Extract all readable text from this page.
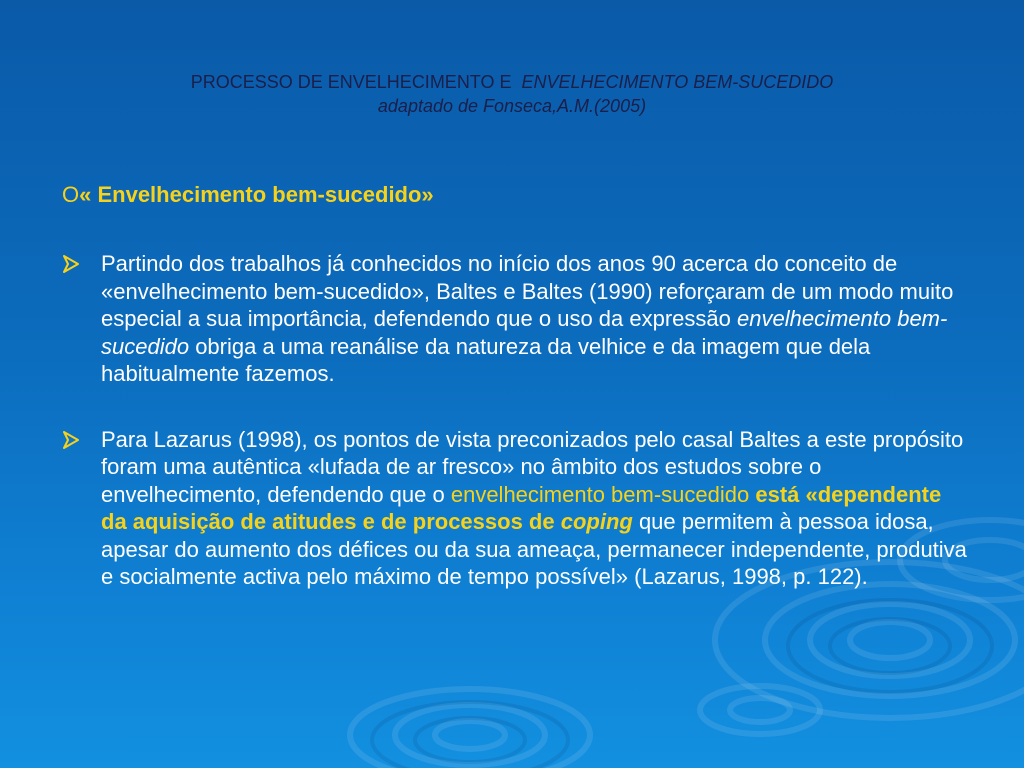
PROCESSO DE ENVELHECIMENTO E ENVELHECIMENTO BEM-SUCEDIDO
adaptado de Fonseca,A.M.(2005)
O« Envelhecimento bem-sucedido»
Partindo dos trabalhos já conhecidos no início dos anos 90 acerca do conceito de «envelhecimento bem-sucedido», Baltes e Baltes (1990) reforçaram de um modo muito especial a sua importância, defendendo que o uso da expressão envelhecimento bem-sucedido obriga a uma reanálise da natureza da velhice e da imagem que dela habitualmente fazemos.
Para Lazarus (1998), os pontos de vista preconizados pelo casal Baltes a este propósito foram uma autêntica «lufada de ar fresco» no âmbito dos estudos sobre o envelhecimento, defendendo que o envelhecimento bem-sucedido está «dependente da aquisição de atitudes e de processos de coping que permitem à pessoa idosa, apesar do aumento dos défices ou da sua ameaça, permanecer independente, produtiva e socialmente activa pelo máximo de tempo possível» (Lazarus, 1998, p. 122).
